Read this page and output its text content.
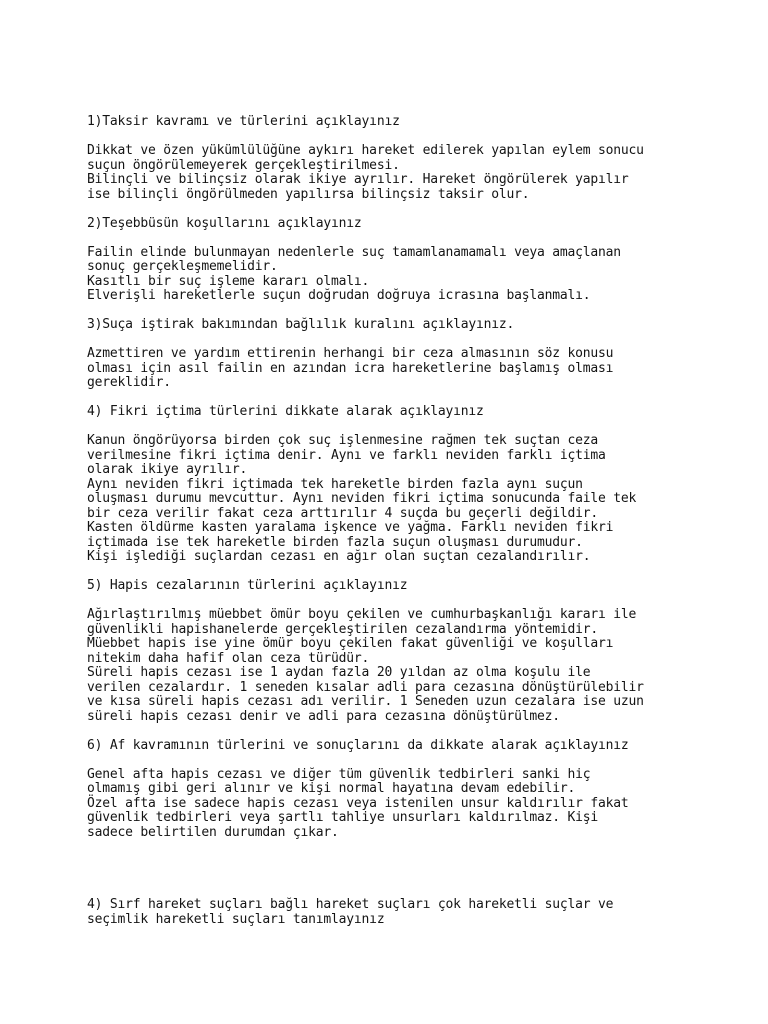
1)Taksir kavramı ve türlerini açıklayınız
Dikkat ve özen yükümlülüğüne aykırı hareket edilerek yapılan eylem sonucu
suçun öngörülemeyerek gerçekleştirilmesi.
Bilinçli ve bilinçsiz olarak ikiye ayrılır. Hareket öngörülerek yapılır
ise bilinçli öngörülmeden yapılırsa bilinçsiz taksir olur.
2)Teşebbüsün koşullarını açıklayınız
Failin elinde bulunmayan nedenlerle suç tamamlanamamalı veya amaçlanan
sonuç gerçekleşmemelidir.
Kasıtlı bir suç işleme kararı olmalı.
Elverişli hareketlerle suçun doğrudan doğruya icrasına başlanmalı.
3)Suça iştirak bakımından bağlılık kuralını açıklayınız.
Azmettiren ve yardım ettirenin herhangi bir ceza almasının söz konusu
olması için asıl failin en azından icra hareketlerine başlamış olması
gereklidir.
4) Fikri içtima türlerini dikkate alarak açıklayınız
Kanun öngörüyorsa birden çok suç işlenmesine rağmen tek suçtan ceza
verilmesine fikri içtima denir. Aynı ve farklı neviden farklı içtima
olarak ikiye ayrılır.
Aynı neviden fikri içtimada tek hareketle birden fazla aynı suçun
oluşması durumu mevcuttur. Aynı neviden fikri içtima sonucunda faile tek
bir ceza verilir fakat ceza arttırılır 4 suçda bu geçerli değildir.
Kasten öldürme kasten yaralama işkence ve yağma. Farklı neviden fikri
içtimada ise tek hareketle birden fazla suçun oluşması durumudur.
Kişi işlediği suçlardan cezası en ağır olan suçtan cezalandırılır.
5) Hapis cezalarının türlerini açıklayınız
Ağırlaştırılmış müebbet ömür boyu çekilen ve cumhurbaşkanlığı kararı ile
güvenlikli hapishanelerde gerçekleştirilen cezalandırma yöntemidir.
Müebbet hapis ise yine ömür boyu çekilen fakat güvenliği ve koşulları
nitekim daha hafif olan ceza türüdür.
Süreli hapis cezası ise 1 aydan fazla 20 yıldan az olma koşulu ile
verilen cezalardır. 1 seneden kısalar adli para cezasına dönüştürülebilir
ve kısa süreli hapis cezası adı verilir. 1 Seneden uzun cezalara ise uzun
süreli hapis cezası denir ve adli para cezasına dönüştürülmez.
6) Af kavramının türlerini ve sonuçlarını da dikkate alarak açıklayınız
Genel afta hapis cezası ve diğer tüm güvenlik tedbirleri sanki hiç
olmamış gibi geri alınır ve kişi normal hayatına devam edebilir.
Özel afta ise sadece hapis cezası veya istenilen unsur kaldırılır fakat
güvenlik tedbirleri veya şartlı tahliye unsurları kaldırılmaz. Kişi
sadece belirtilen durumdan çıkar.
4) Sırf hareket suçları bağlı hareket suçları çok hareketli suçlar ve
seçimlik hareketli suçları tanımlayınız
